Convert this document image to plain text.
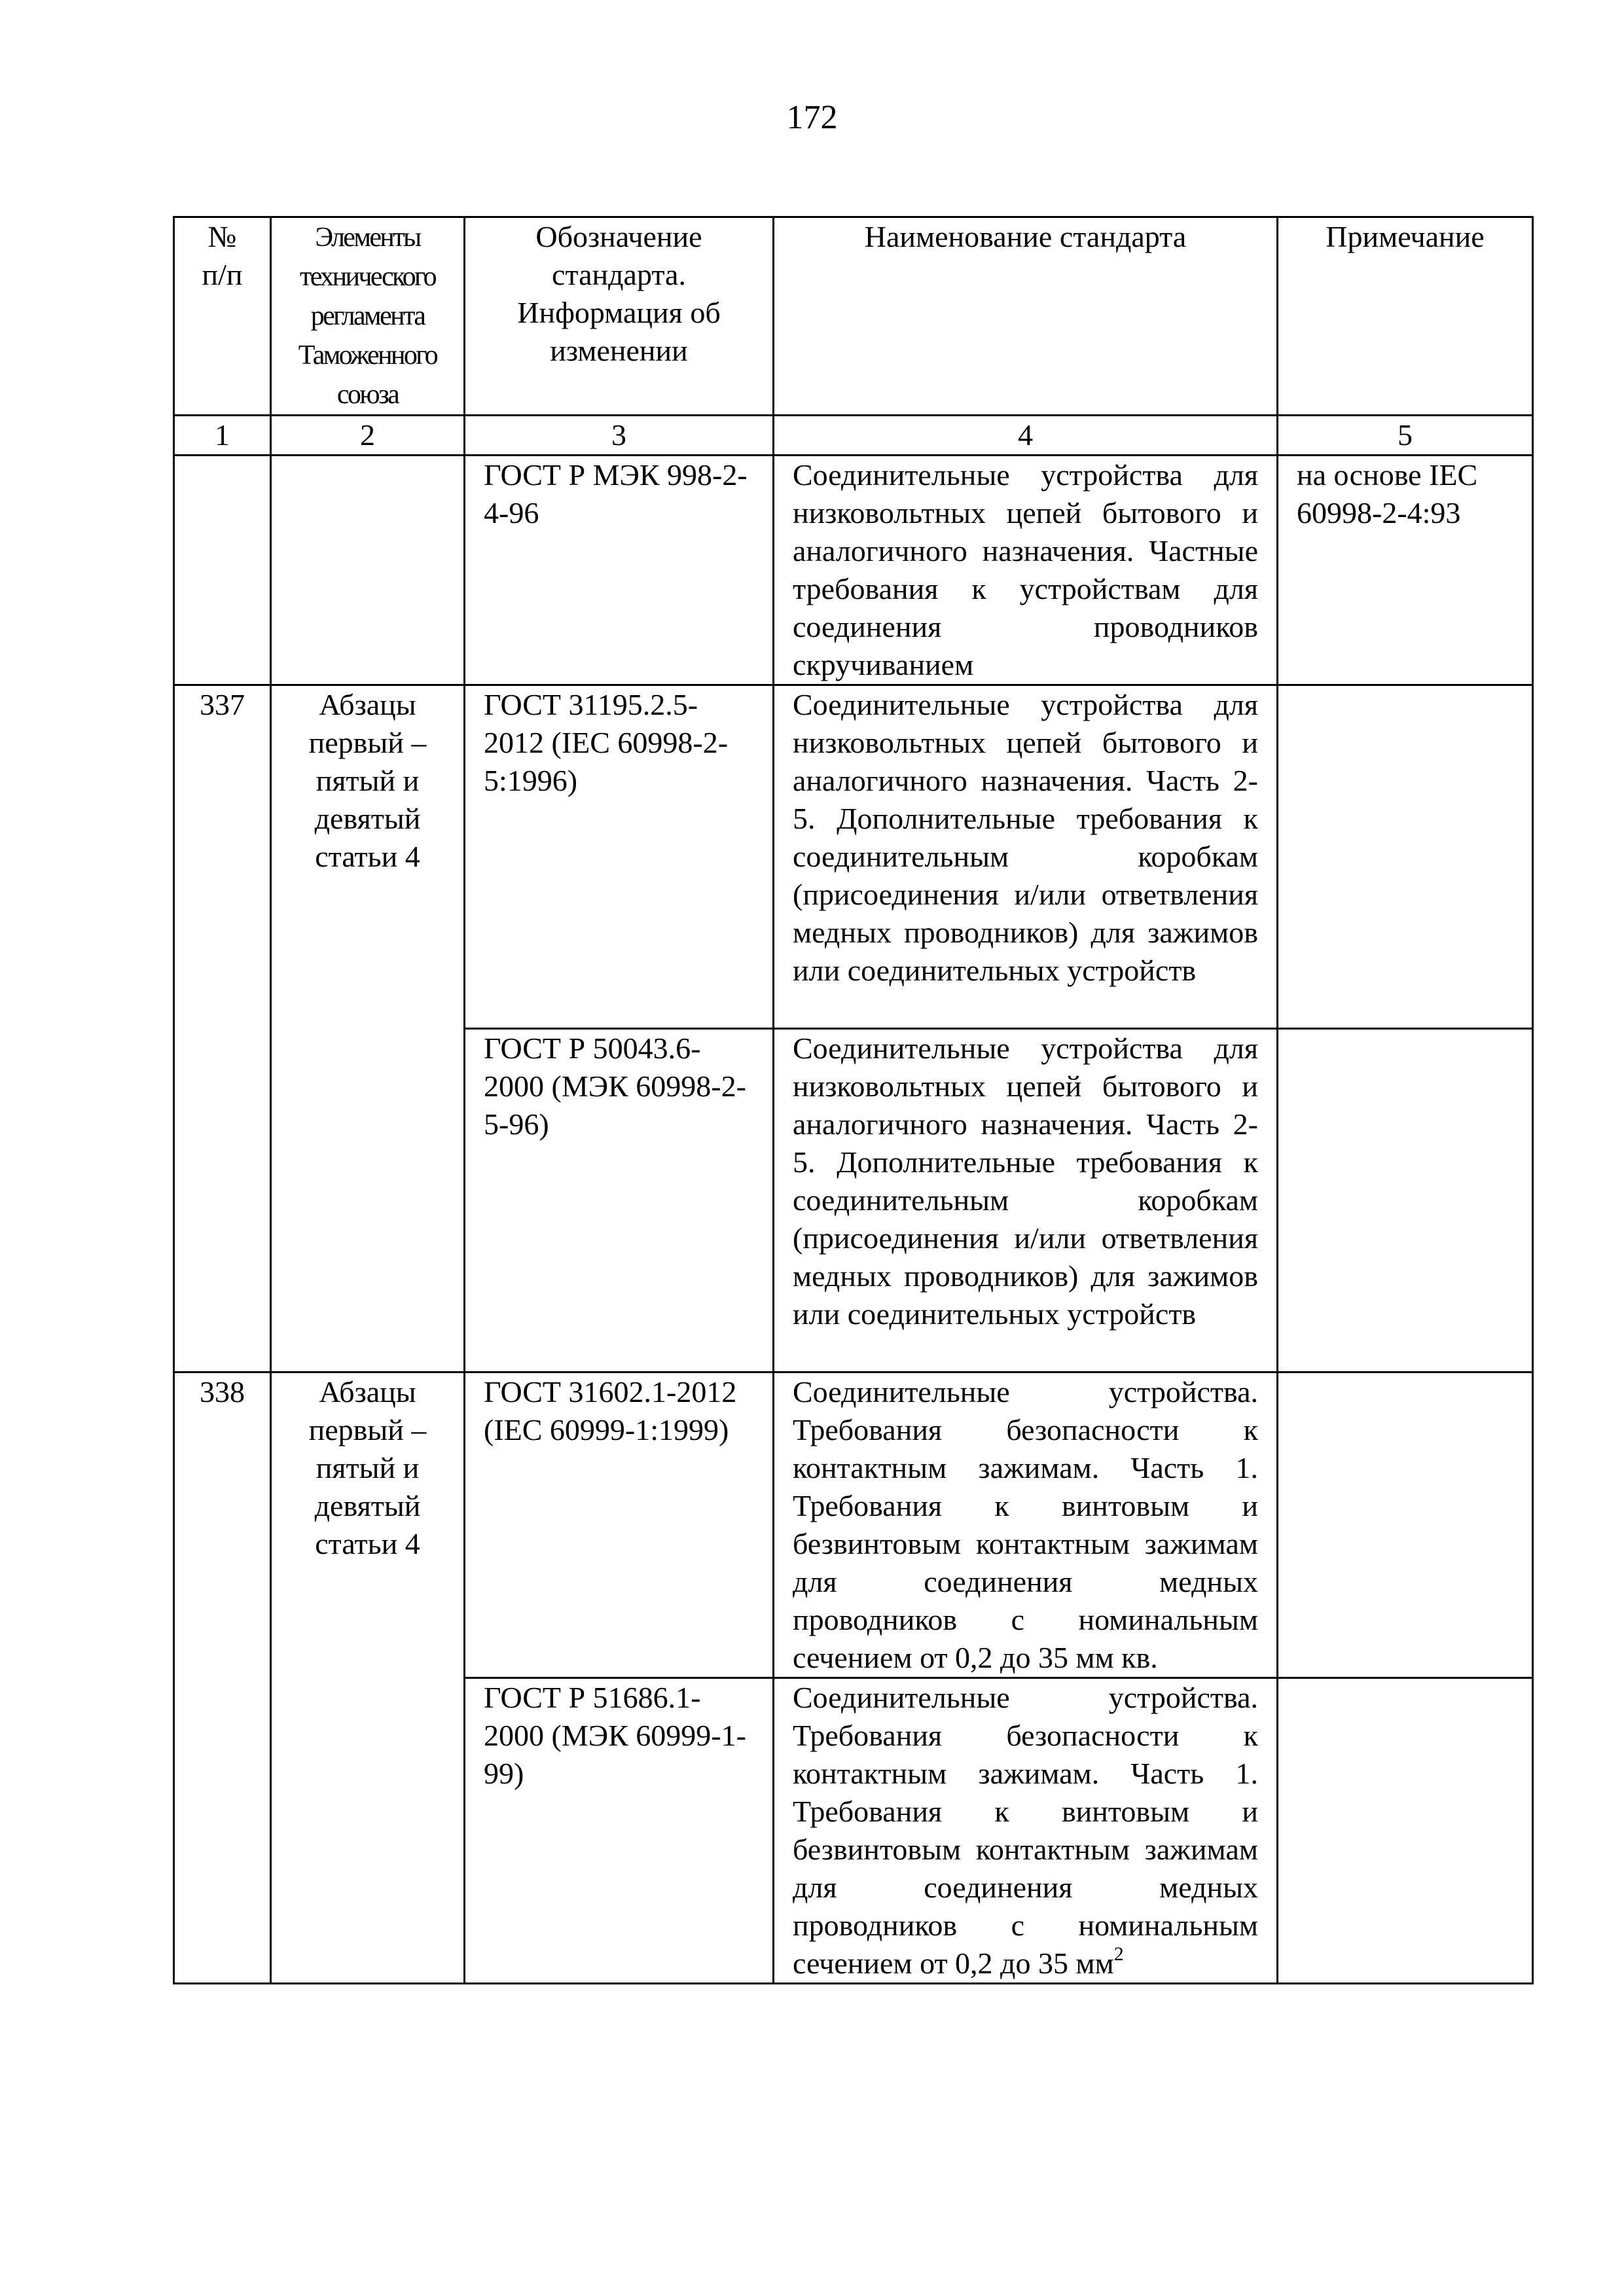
172
№ п/п	Элементы технического регламента Таможенного союза	Обозначение стандарта. Информация об изменении	Наименование стандарта	Примечание
1	2	3	4	5
		ГОСТ Р МЭК 998-2-4-96	Соединительные устройства для низковольтных цепей бытового и аналогичного назначения. Частные требования к устройствам для соединения проводников скручиванием	на основе IEC 60998-2-4:93
337	Абзацы первый – пятый и девятый статьи 4	ГОСТ 31195.2.5-2012 (IEC 60998-2-5:1996)	Соединительные устройства для низковольтных цепей бытового и аналогичного назначения. Часть 2-5. Дополнительные требования к соединительным коробкам (присоединения и/или ответвления медных проводников) для зажимов или соединительных устройств	
		ГОСТ Р 50043.6-2000 (МЭК 60998-2-5-96)	Соединительные устройства для низковольтных цепей бытового и аналогичного назначения. Часть 2-5. Дополнительные требования к соединительным коробкам (присоединения и/или ответвления медных проводников) для зажимов или соединительных устройств	
338	Абзацы первый – пятый и девятый статьи 4	ГОСТ 31602.1-2012 (IEC 60999-1:1999)	Соединительные устройства. Требования безопасности к контактным зажимам. Часть 1. Требования к винтовым и безвинтовым контактным зажимам для соединения медных проводников с номинальным сечением от 0,2 до 35 мм кв.	
		ГОСТ Р 51686.1-2000 (МЭК 60999-1-99)	Соединительные устройства. Требования безопасности к контактным зажимам. Часть 1. Требования к винтовым и безвинтовым контактным зажимам для соединения медных проводников с номинальным сечением от 0,2 до 35 $мм^2$	
